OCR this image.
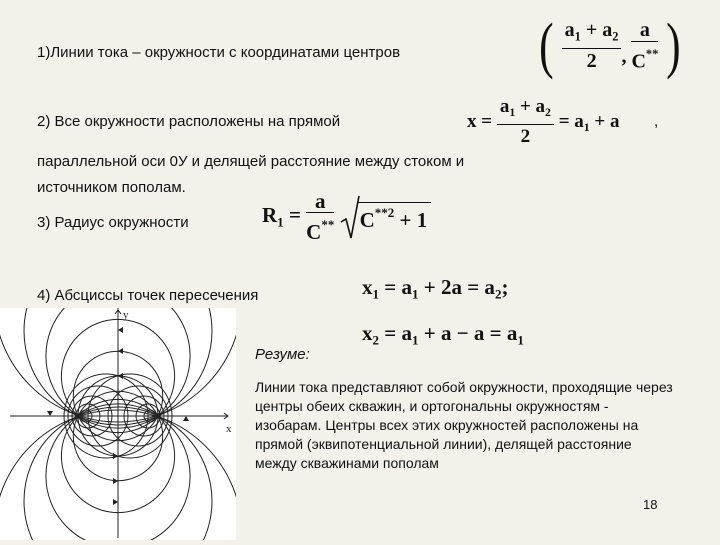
1)Линии тока – окружности с координатами центров ( $\frac{a_1 + a_2}{2}$ , $\frac{a}{C^{**}}$ )
2) Все окружности расположены на прямой	$x = \frac{a_1 + a_2}{2} = a_1 + a$ ,
параллельной оси 0У и делящей расстояние между стоком и
источником пополам.
3) Радиус окружности	$R_1 = \frac{a}{C^{**}} C^{**2} + 1$
4) Абсциссы точек пересечения	$x_1 = a_1 + 2a = a_2$;
$x_2 = a_1 + a - a = a_1$
x
y
Резуме:
Линии тока представляют собой окружности, проходящие через центры обеих скважин, и ортогональны окружностям - изобарам. Центры всех этих окружностей расположены на прямой (эквипотенциальной линии), делящей расстояние между скважинами пополам
18
